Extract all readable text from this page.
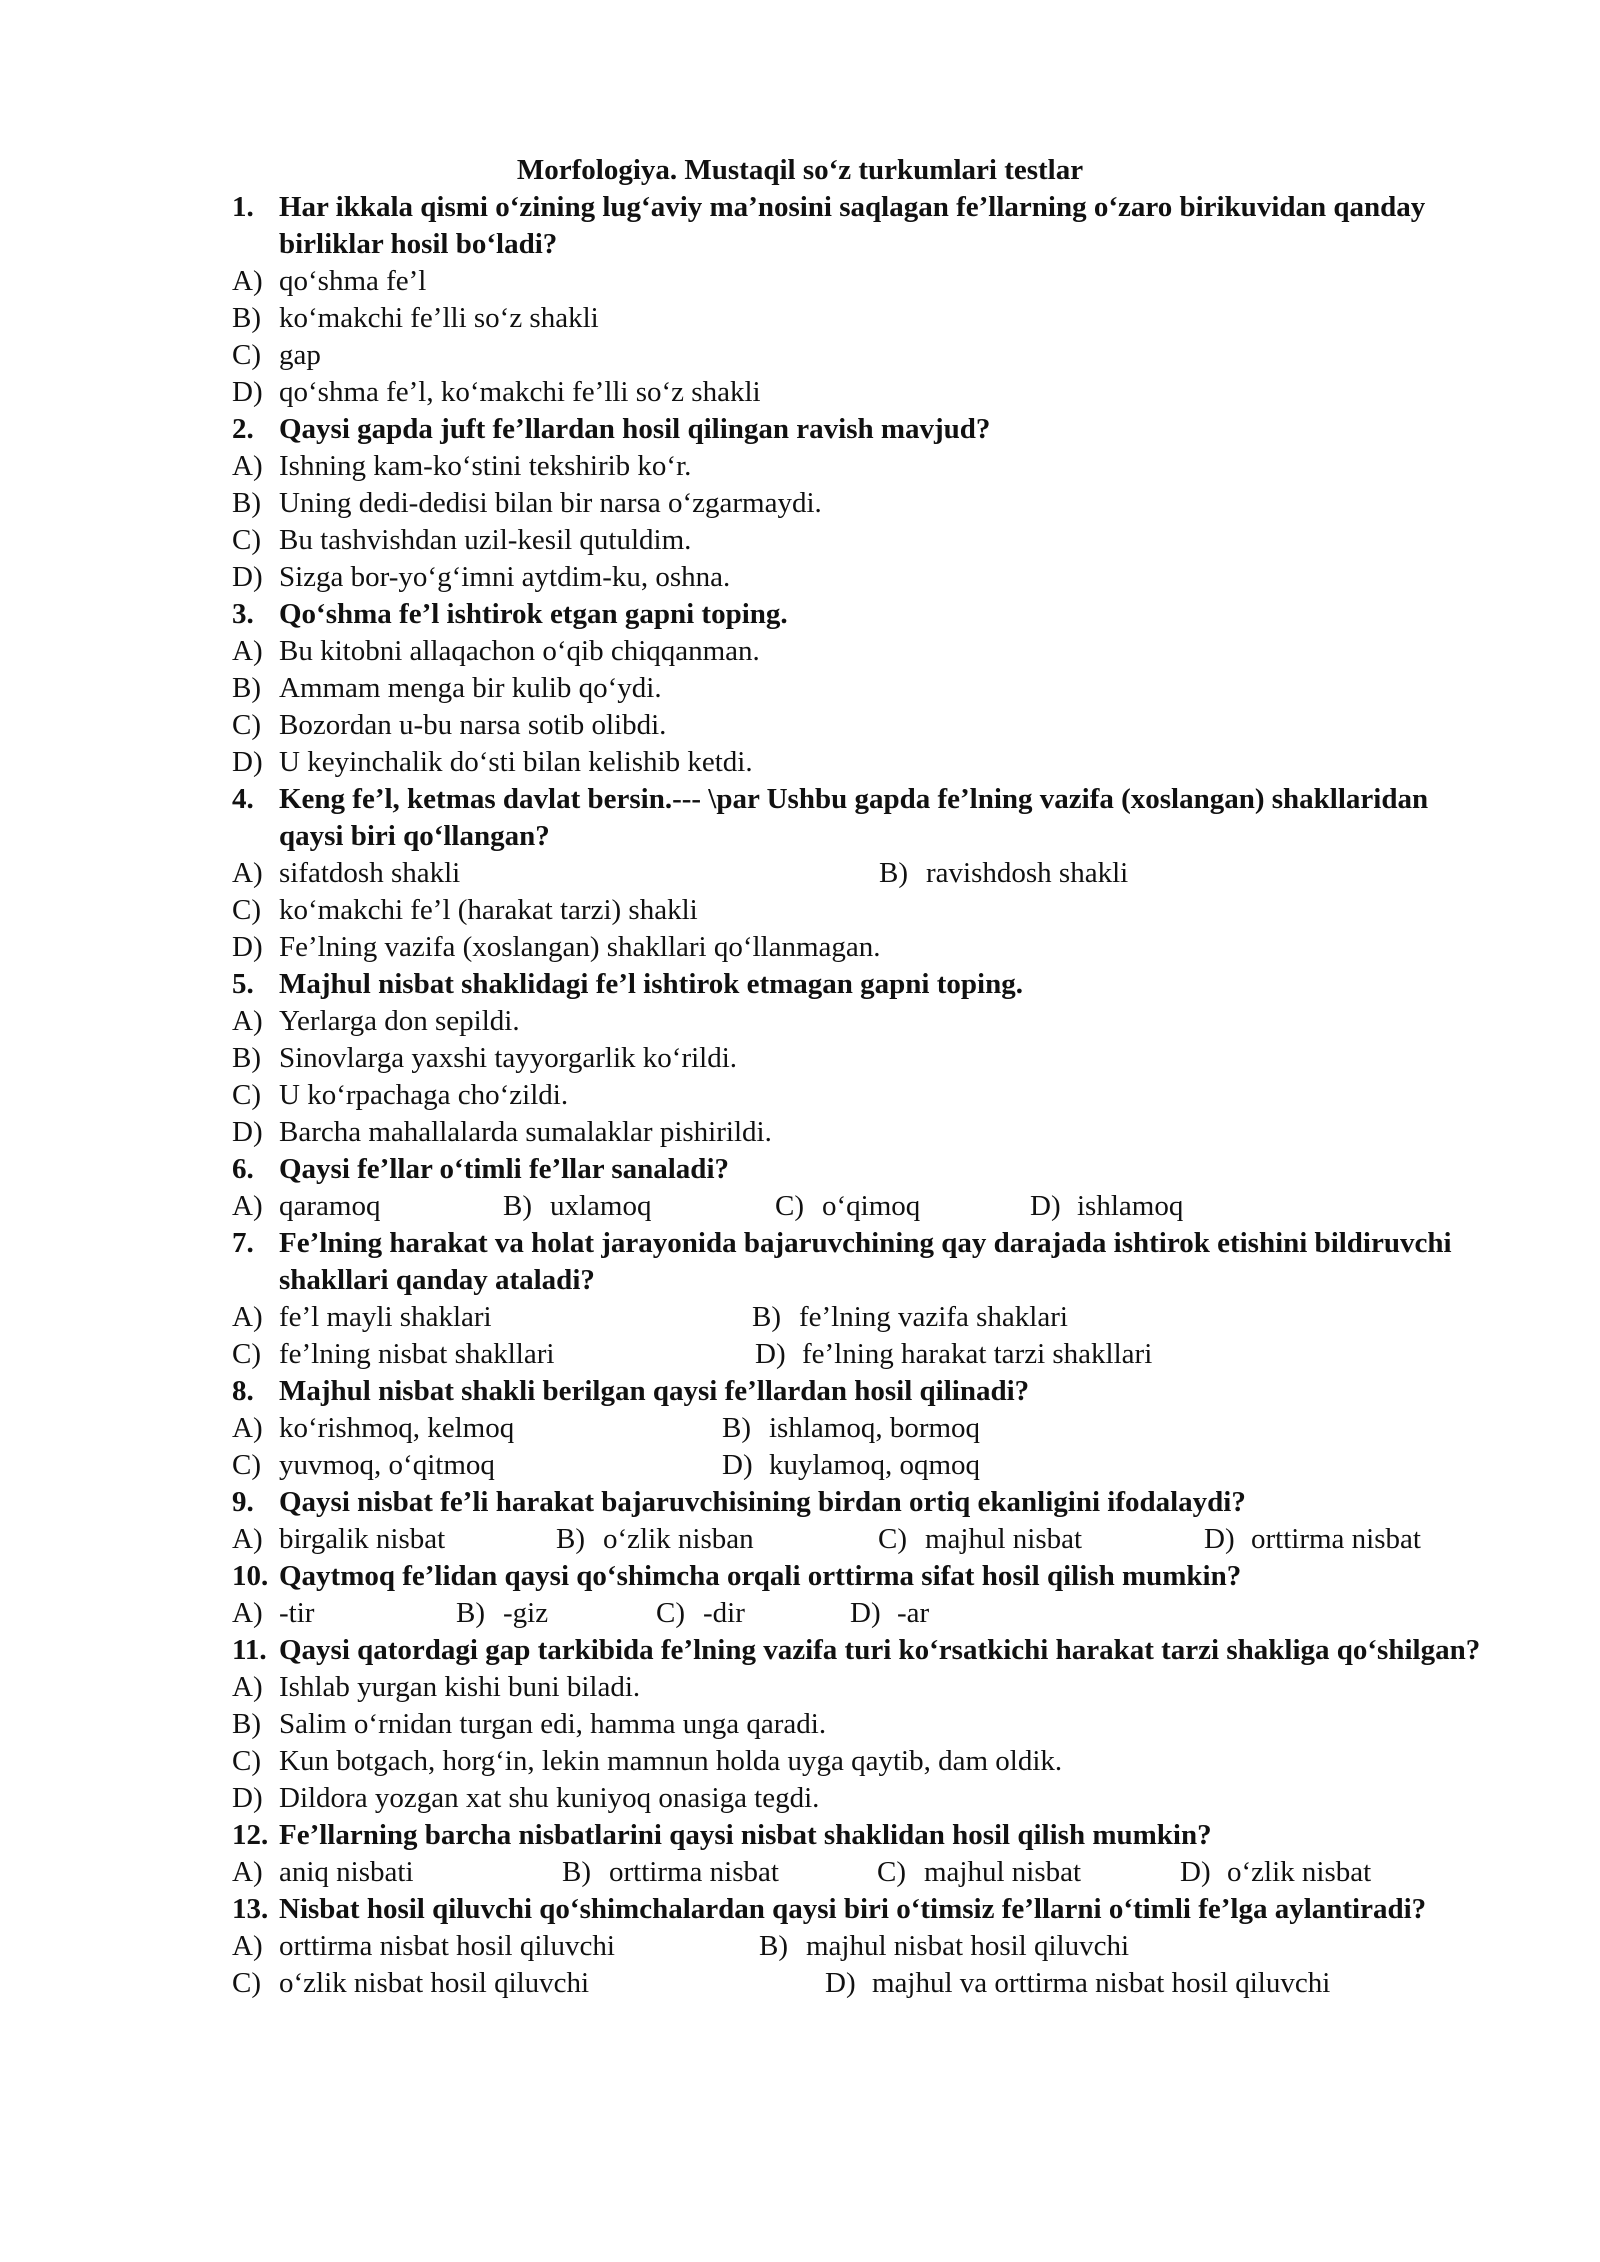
Morfologiya. Mustaqil so‘z turkumlari testlar
1. Har ikkala qismi o‘zining lug‘aviy ma’nosini saqlagan fe’llarning o‘zaro birikuvidan qanday birliklar hosil bo‘ladi?
A) qo‘shma fe’l
B) ko‘makchi fe’lli so‘z shakli
C) gap
D) qo‘shma fe’l, ko‘makchi fe’lli so‘z shakli
2. Qaysi gapda juft fe’llardan hosil qilingan ravish mavjud?
A) Ishning kam-ko‘stini tekshirib ko‘r.
B) Uning dedi-dedisi bilan bir narsa o‘zgarmaydi.
C) Bu tashvishdan uzil-kesil qutuldim.
D) Sizga bor-yo‘g‘imni aytdim-ku, oshna.
3. Qo‘shma fe’l ishtirok etgan gapni toping.
A) Bu kitobni allaqachon o‘qib chiqqanman.
B) Ammam menga bir kulib qo‘ydi.
C) Bozordan u-bu narsa sotib olibdi.
D) U keyinchalik do‘sti bilan kelishib ketdi.
4. Keng fe’l, ketmas davlat bersin.--- \par Ushbu gapda fe’lning vazifa (xoslangan) shakllaridan qaysi biri qo‘llangan?
A) sifatdosh shakli	B) ravishdosh shakli
C) ko‘makchi fe’l (harakat tarzi) shakli
D) Fe’lning vazifa (xoslangan) shakllari qo‘llanmagan.
5. Majhul nisbat shaklidagi fe’l ishtirok etmagan gapni toping.
A) Yerlarga don sepildi.
B) Sinovlarga yaxshi tayyorgarlik ko‘rildi.
C) U ko‘rpachaga cho‘zildi.
D) Barcha mahallalarda sumalaklar pishirildi.
6. Qaysi fe’llar o‘timli fe’llar sanaladi?
A) qaramoq	B) uxlamoq	C) o‘qimoq	D) ishlamoq
7. Fe’lning harakat va holat jarayonida bajaruvchining qay darajada ishtirok etishini bildiruvchi shakllari qanday ataladi?
A) fe’l mayli shaklari	B) fe’lning vazifa shaklari
C) fe’lning nisbat shakllari	D) fe’lning harakat tarzi shakllari
8. Majhul nisbat shakli berilgan qaysi fe’llardan hosil qilinadi?
A) ko‘rishmoq, kelmoq	B) ishlamoq, bormoq
C) yuvmoq, o‘qitmoq	D) kuylamoq, oqmoq
9. Qaysi nisbat fe’li harakat bajaruvchisining birdan ortiq ekanligini ifodalaydi?
A) birgalik nisbat	B) o‘zlik nisban	C) majhul nisbat	D) orttirma nisbat
10. Qaytmoq fe’lidan qaysi qo‘shimcha orqali orttirma sifat hosil qilish mumkin?
A) -tir	B) -giz	C) -dir	D) -ar
11. Qaysi qatordagi gap tarkibida fe’lning vazifa turi ko‘rsatkichi harakat tarzi shakliga qo‘shilgan?
A) Ishlab yurgan kishi buni biladi.
B) Salim o‘rnidan turgan edi, hamma unga qaradi.
C) Kun botgach, horg‘in, lekin mamnun holda uyga qaytib, dam oldik.
D) Dildora yozgan xat shu kuniyoq onasiga tegdi.
12. Fe’llarning barcha nisbatlarini qaysi nisbat shaklidan hosil qilish mumkin?
A) aniq nisbati	B) orttirma nisbat	C) majhul nisbat	D) o‘zlik nisbat
13. Nisbat hosil qiluvchi qo‘shimchalardan qaysi biri o‘timsiz fe’llarni o‘timli fe’lga aylantiradi?
A) orttirma nisbat hosil qiluvchi	B) majhul nisbat hosil qiluvchi
C) o‘zlik nisbat hosil qiluvchi	D) majhul va orttirma nisbat hosil qiluvchi
